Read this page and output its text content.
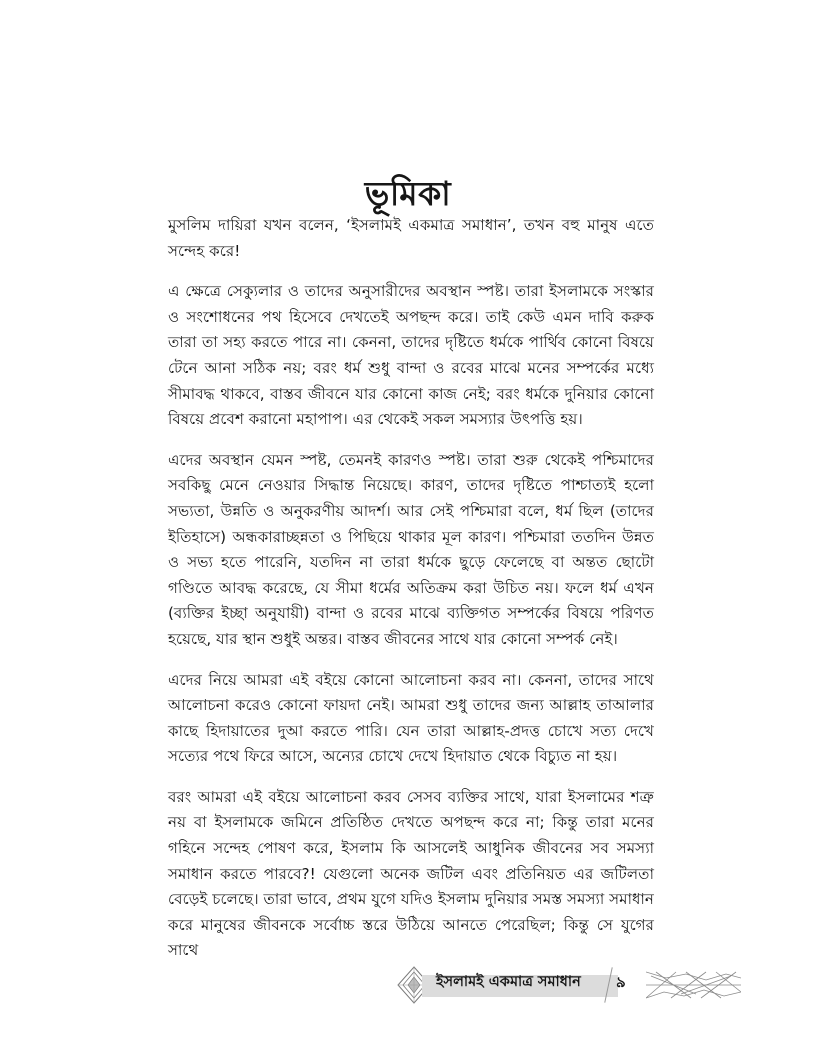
ভূমিকা

মুসলিম দায়িরা যখন বলেন, ‘ইসলামই একমাত্র সমাধান’, তখন বহু মানুষ এতে সন্দেহ করে!

এ ক্ষেত্রে সেক্যুলার ও তাদের অনুসারীদের অবস্থান স্পষ্ট। তারা ইসলামকে সংস্কার ও সংশোধনের পথ হিসেবে দেখতেই অপছন্দ করে। তাই কেউ এমন দাবি করুক তারা তা সহ্য করতে পারে না। কেননা, তাদের দৃষ্টিতে ধর্মকে পার্থিব কোনো বিষয়ে টেনে আনা সঠিক নয়; বরং ধর্ম শুধু বান্দা ও রবের মাঝে মনের সম্পর্কের মধ্যে সীমাবদ্ধ থাকবে, বাস্তব জীবনে যার কোনো কাজ নেই; বরং ধর্মকে দুনিয়ার কোনো বিষয়ে প্রবেশ করানো মহাপাপ। এর থেকেই সকল সমস্যার উৎপত্তি হয়।

এদের অবস্থান যেমন স্পষ্ট, তেমনই কারণও স্পষ্ট। তারা শুরু থেকেই পশ্চিমাদের সবকিছু মেনে নেওয়ার সিদ্ধান্ত নিয়েছে। কারণ, তাদের দৃষ্টিতে পাশ্চাত্যই হলো সভ্যতা, উন্নতি ও অনুকরণীয় আদর্শ। আর সেই পশ্চিমারা বলে, ধর্ম ছিল (তাদের ইতিহাসে) অন্ধকারাচ্ছন্নতা ও পিছিয়ে থাকার মূল কারণ। পশ্চিমারা ততদিন উন্নত ও সভ্য হতে পারেনি, যতদিন না তারা ধর্মকে ছুড়ে ফেলেছে বা অন্তত ছোটো গণ্ডিতে আবদ্ধ করেছে, যে সীমা ধর্মের অতিক্রম করা উচিত নয়। ফলে ধর্ম এখন (ব্যক্তির ইচ্ছা অনুযায়ী) বান্দা ও রবের মাঝে ব্যক্তিগত সম্পর্কের বিষয়ে পরিণত হয়েছে, যার স্থান শুধুই অন্তর। বাস্তব জীবনের সাথে যার কোনো সম্পর্ক নেই।

এদের নিয়ে আমরা এই বইয়ে কোনো আলোচনা করব না। কেননা, তাদের সাথে আলোচনা করেও কোনো ফায়দা নেই। আমরা শুধু তাদের জন্য আল্লাহ তাআলার কাছে হিদায়াতের দুআ করতে পারি। যেন তারা আল্লাহ-প্রদত্ত চোখে সত্য দেখে সত্যের পথে ফিরে আসে, অন্যের চোখে দেখে হিদায়াত থেকে বিচ্যুত না হয়।

বরং আমরা এই বইয়ে আলোচনা করব সেসব ব্যক্তির সাথে, যারা ইসলামের শত্রু নয় বা ইসলামকে জমিনে প্রতিষ্ঠিত দেখতে অপছন্দ করে না; কিন্তু তারা মনের গহিনে সন্দেহ পোষণ করে, ইসলাম কি আসলেই আধুনিক জীবনের সব সমস্যা সমাধান করতে পারবে?! যেগুলো অনেক জটিল এবং প্রতিনিয়ত এর জটিলতা বেড়েই চলেছে। তারা ভাবে, প্রথম যুগে যদিও ইসলাম দুনিয়ার সমস্ত সমস্যা সমাধান করে মানুষের জীবনকে সর্বোচ্চ স্তরে উঠিয়ে আনতে পেরেছিল; কিন্তু সে যুগের সাথে

ইসলামই একমাত্র সমাধান ৯
